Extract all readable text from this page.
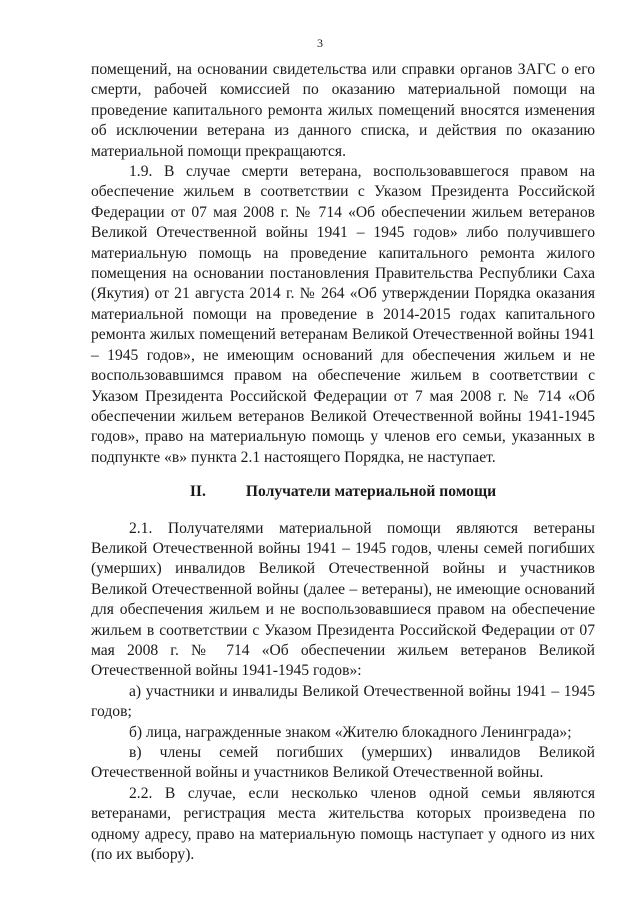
3

помещений, на основании свидетельства или справки органов ЗАГС о его смерти, рабочей комиссией по оказанию материальной помощи на проведение капитального ремонта жилых помещений вносятся изменения об исключении ветерана из данного списка, и действия по оказанию материальной помощи прекращаются.

1.9. В случае смерти ветерана, воспользовавшегося правом на обеспечение жильем в соответствии с Указом Президента Российской Федерации от 07 мая 2008 г. № 714 «Об обеспечении жильем ветеранов Великой Отечественной войны 1941 – 1945 годов» либо получившего материальную помощь на проведение капитального ремонта жилого помещения на основании постановления Правительства Республики Саха (Якутия) от 21 августа 2014 г. № 264 «Об утверждении Порядка оказания материальной помощи на проведение в 2014-2015 годах капитального ремонта жилых помещений ветеранам Великой Отечественной войны 1941 – 1945 годов», не имеющим оснований для обеспечения жильем и не воспользовавшимся правом на обеспечение жильем в соответствии с Указом Президента Российской Федерации от 7 мая 2008 г. № 714 «Об обеспечении жильем ветеранов Великой Отечественной войны 1941-1945 годов», право на материальную помощь у членов его семьи, указанных в подпункте «в» пункта 2.1 настоящего Порядка, не наступает.

II.	Получатели материальной помощи

2.1. Получателями материальной помощи являются ветераны Великой Отечественной войны 1941 – 1945 годов, члены семей погибших (умерших) инвалидов Великой Отечественной войны и участников Великой Отечественной войны (далее – ветераны), не имеющие оснований для обеспечения жильем и не воспользовавшиеся правом на обеспечение жильем в соответствии с Указом Президента Российской Федерации от 07 мая 2008 г. № 714 «Об обеспечении жильем ветеранов Великой Отечественной войны 1941-1945 годов»:

а) участники и инвалиды Великой Отечественной войны 1941 – 1945 годов;

б) лица, награжденные знаком «Жителю блокадного Ленинграда»;

в) члены семей погибших (умерших) инвалидов Великой Отечественной войны и участников Великой Отечественной войны.

2.2. В случае, если несколько членов одной семьи являются ветеранами, регистрация места жительства которых произведена по одному адресу, право на материальную помощь наступает у одного из них (по их выбору).
